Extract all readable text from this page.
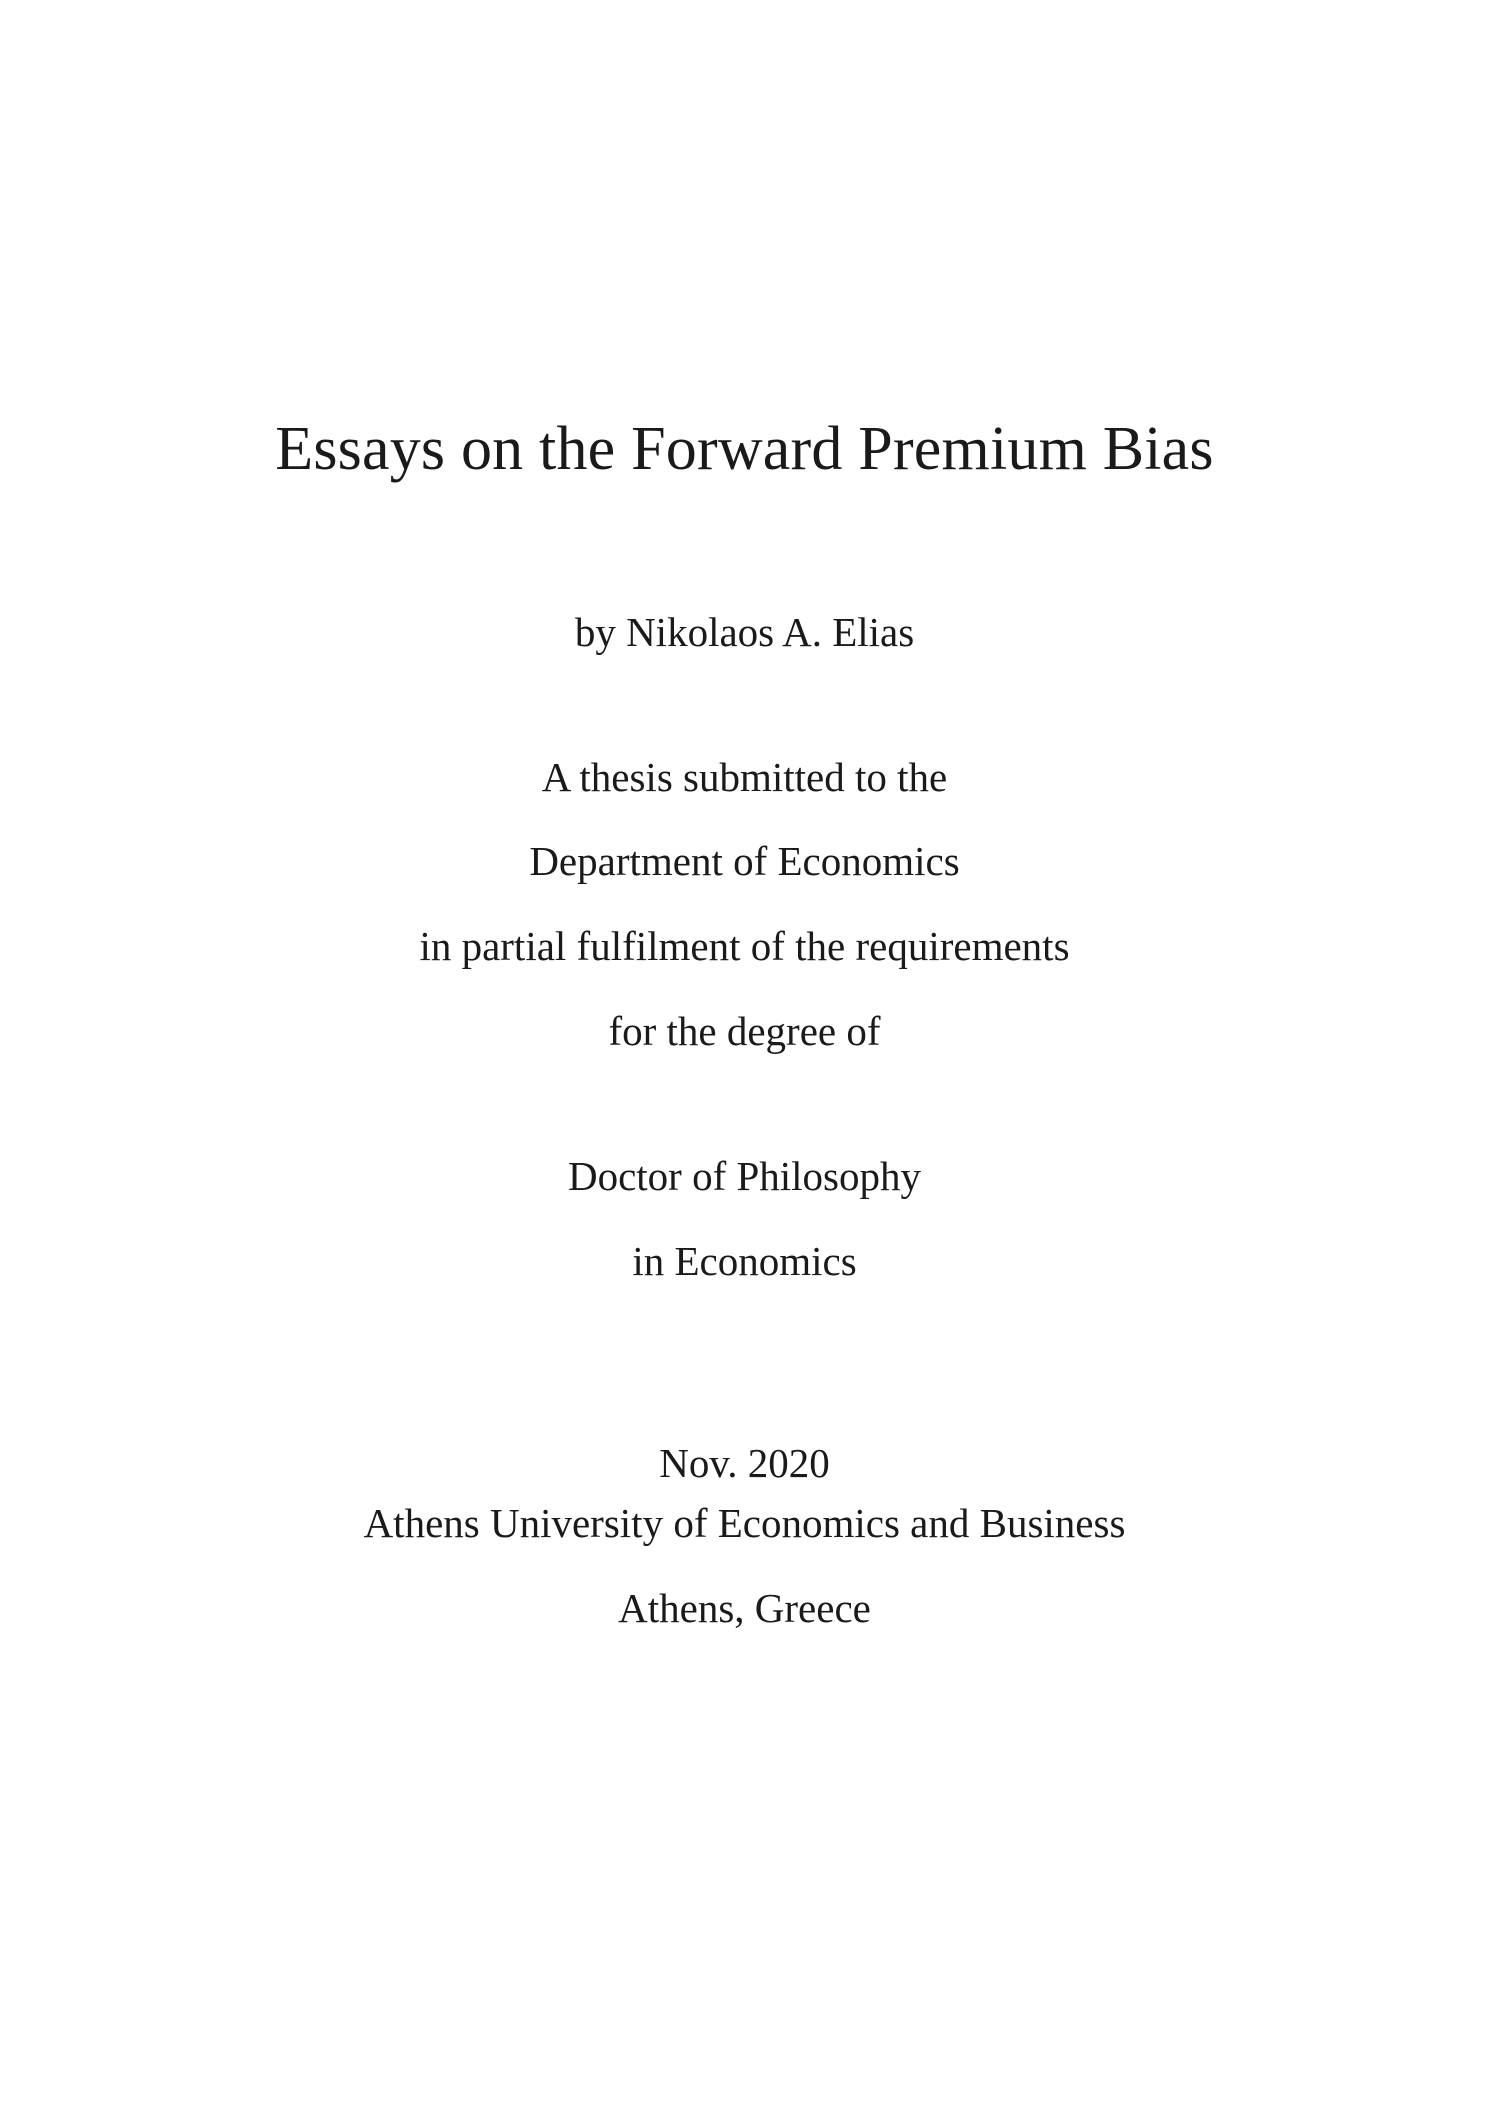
Essays on the Forward Premium Bias
by Nikolaos A. Elias
A thesis submitted to the
Department of Economics
in partial fulfilment of the requirements
for the degree of
Doctor of Philosophy
in Economics
Nov. 2020
Athens University of Economics and Business
Athens, Greece
